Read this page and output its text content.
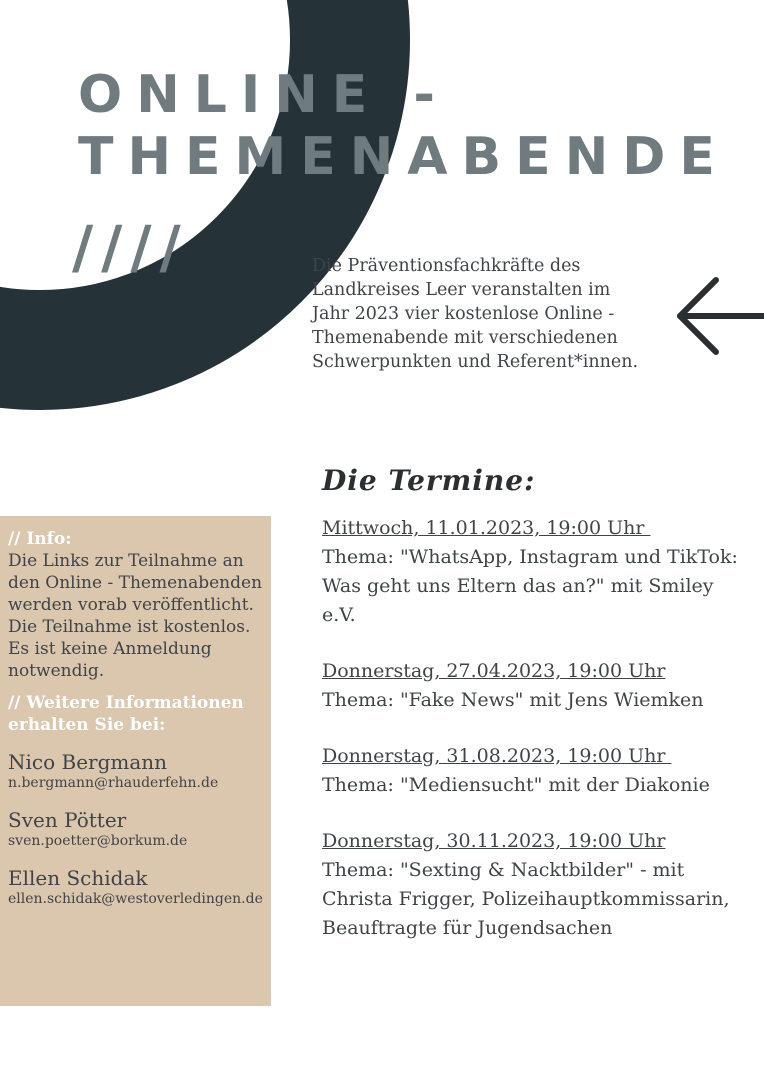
ONLINE -
THEMENABENDE
////	Die Präventionsfachkräfte des Landkreises Leer veranstalten im Jahr 2023 vier kostenlose Online - Themenabende mit verschiedenen Schwerpunkten und Referent*innen.

Die Termine:
Mittwoch, 11.01.2023, 19:00 Uhr
Thema: "WhatsApp, Instagram und TikTok: Was geht uns Eltern das an?" mit Smiley e.V.
Donnerstag, 27.04.2023, 19:00 Uhr
Thema: "Fake News" mit Jens Wiemken
Donnerstag, 31.08.2023, 19:00 Uhr
Thema: "Mediensucht" mit der Diakonie
Donnerstag, 30.11.2023, 19:00 Uhr
Thema: "Sexting & Nacktbilder" - mit Christa Frigger, Polizeihauptkommissarin, Beauftragte für Jugendsachen
// Info:

Die Links zur Teilnahme an den Online - Themenabenden werden vorab veröffentlicht.
Die Teilnahme ist kostenlos.
Es ist keine Anmeldung notwendig.

// Weitere Informationen erhalten Sie bei:
Nico Bergmann
n.bergmann@rhauderfehn.de
Sven Pötter
sven.poetter@borkum.de
Ellen Schidak
ellen.schidak@westoverledingen.de
